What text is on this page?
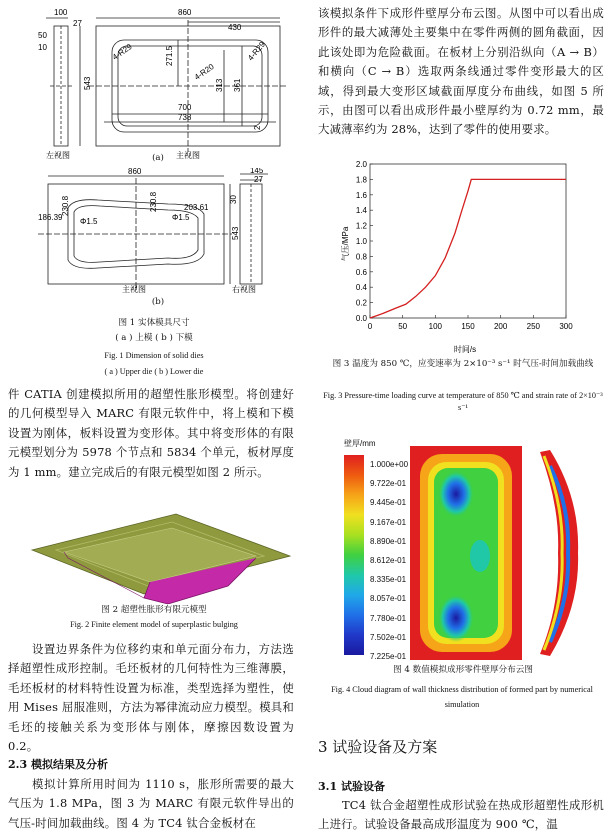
100
27
860
430
50
10
543
4-R29	271.5	4-R29
4-R20
313 361
700
738
2
左视图	主视图
(a)
860	145
27
230.8
186.39 Φ1.5
203.61
Φ1.5
230.8
543
30
主视图	右视图
(b)
图 1 实体模具尺寸
( a ) 上模 ( b ) 下模
Fig. 1 Dimension of solid dies
( a ) Upper die ( b ) Lower die
件 CATIA 创建模拟所用的超塑性胀形模型。将创建好的几何模型导入 MARC 有限元软件中，将上模和下模设置为刚体，板料设置为变形体。其中将变形体的有限元模型划分为 5978 个节点和 5834 个单元，板材厚度为 1 mm。建立完成后的有限元模型如图 2 所示。
图 2 超塑性胀形有限元模型
Fig. 2 Finite element model of superplastic bulging
设置边界条件为位移约束和单元面分布力，方法选择超塑性成形控制。毛坯板材的几何特性为三维薄膜，毛坯板材的材料特性设置为标准，类型选择为塑性，使用 Mises 屈服准则，方法为幂律流动应力模型。模具和毛坯的接触关系为变形体与刚体，摩擦因数设置为 0.2。
2.3 模拟结果及分析
模拟计算所用时间为 1110 s，胀形所需要的最大气压为 1.8 MPa，图 3 为 MARC 有限元软件导出的气压-时间加载曲线。图 4 为 TC4 钛合金板材在
该模拟条件下成形件壁厚分布云图。从图中可以看出成形件的最大减薄处主要集中在零件两侧的圆角截面，因此该处即为危险截面。在板材上分别沿纵向（A → B）和横向（C → B）选取两条线通过零件变形最大的区域，得到最大变形区域截面厚度分布曲线，如图 5 所示，由图可以看出成形件最小壁厚约为 0.72 mm，最大减薄率约为 28%，达到了零件的使用要求。
0	50	100 150 200 250 300
0.0
0.2
0.4
0.6
0.8
1.0
1.2
1.4
1.6
1.8
2.0
时间/s
气压/MPa
图 3 温度为 850 ℃，应变速率为 2×10⁻³ s⁻¹ 时气压-时间加载曲线
Fig. 3 Pressure-time loading curve at temperature of 850 ℃ and strain rate of 2×10⁻³ s⁻¹
壁厚/mm
1.000e+00
9.722e-01
9.445e-01
9.167e-01
8.890e-01
8.612e-01
8.335e-01
8.057e-01
7.780e-01
7.502e-01
7.225e-01
图 4 数值模拟成形零件壁厚分布云图
Fig. 4 Cloud diagram of wall thickness distribution of formed part by numerical simulation
3 试验设备及方案
3.1 试验设备
TC4 钛合金超塑性成形试验在热成形超塑性成形机上进行。试验设备最高成形温度为 900 ℃，温
